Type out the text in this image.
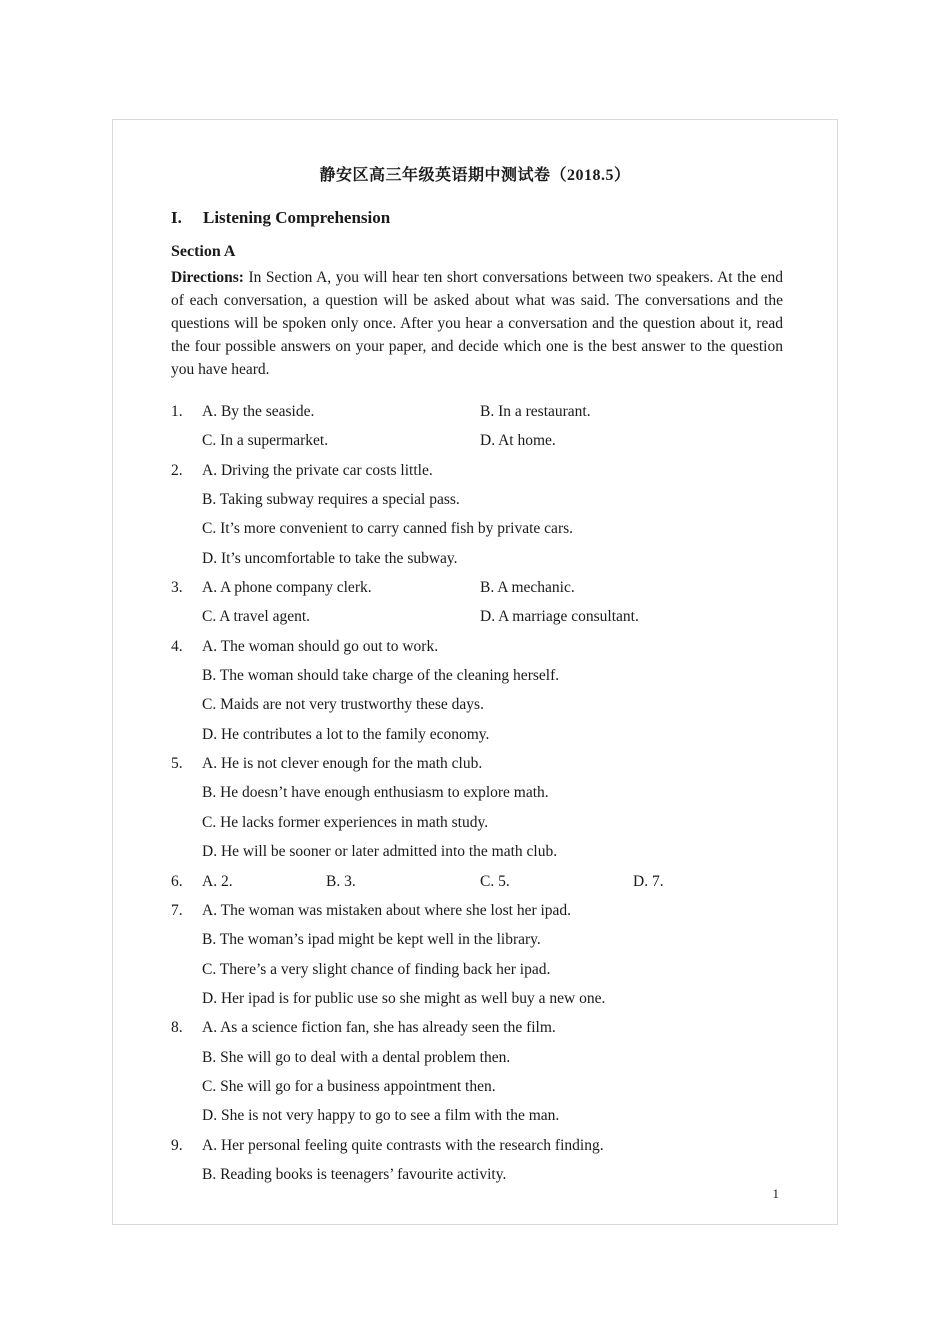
静安区高三年级英语期中测试卷（2018.5）
I. Listening Comprehension
Section A
Directions: In Section A, you will hear ten short conversations between two speakers. At the end of each conversation, a question will be asked about what was said. The conversations and the questions will be spoken only once. After you hear a conversation and the question about it, read the four possible answers on your paper, and decide which one is the best answer to the question you have heard.
1. A. By the seaside.	B. In a restaurant.
C. In a supermarket.	D. At home.
2. A. Driving the private car costs little.
B. Taking subway requires a special pass.
C. It’s more convenient to carry canned fish by private cars.
D. It’s uncomfortable to take the subway.
3. A. A phone company clerk.	B. A mechanic.
C. A travel agent.	D. A marriage consultant.
4. A. The woman should go out to work.
B. The woman should take charge of the cleaning herself.
C. Maids are not very trustworthy these days.
D. He contributes a lot to the family economy.
5. A. He is not clever enough for the math club.
B. He doesn’t have enough enthusiasm to explore math.
C. He lacks former experiences in math study.
D. He will be sooner or later admitted into the math club.
6. A. 2.	B. 3.	C. 5.	D. 7.
7. A. The woman was mistaken about where she lost her ipad.
B. The woman’s ipad might be kept well in the library.
C. There’s a very slight chance of finding back her ipad.
D. Her ipad is for public use so she might as well buy a new one.
8. A. As a science fiction fan, she has already seen the film.
B. She will go to deal with a dental problem then.
C. She will go for a business appointment then.
D. She is not very happy to go to see a film with the man.
9. A. Her personal feeling quite contrasts with the research finding.
B. Reading books is teenagers’ favourite activity.
1
